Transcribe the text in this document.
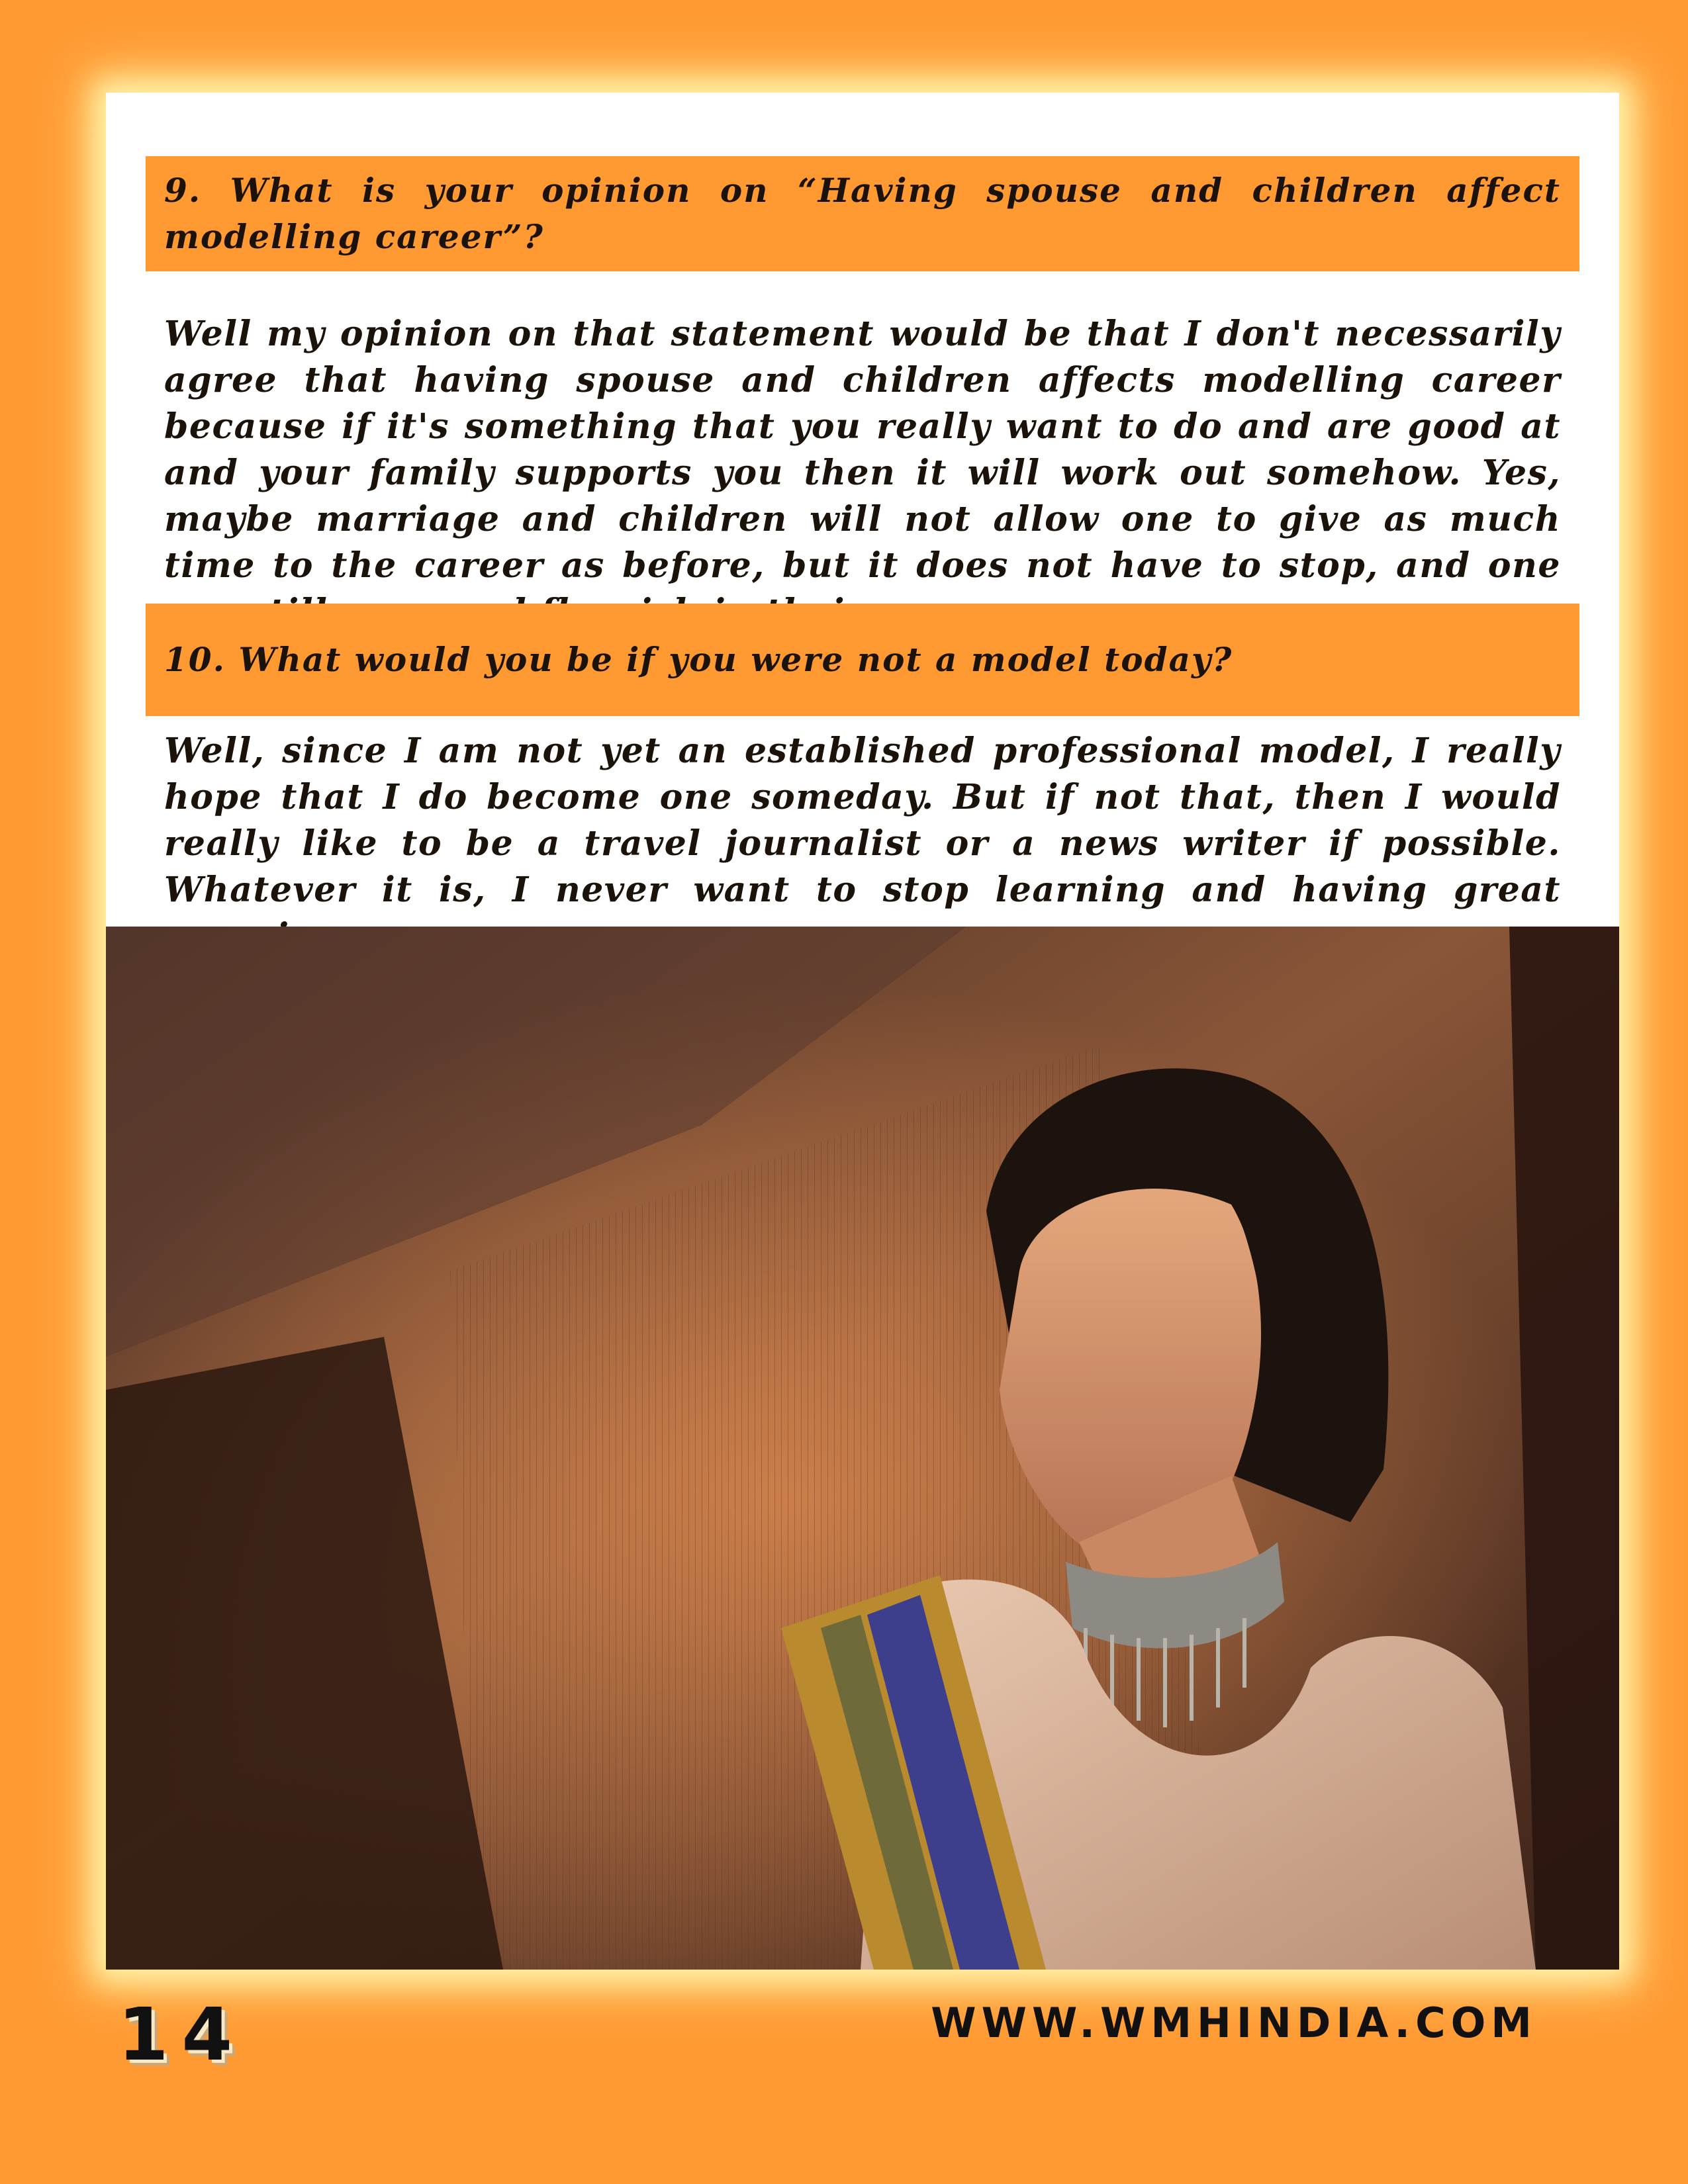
9. What is your opinion on “Having spouse and children affect modelling career”?
Well my opinion on that statement would be that I don't necessarily agree that having spouse and children affects modelling career because if it's something that you really want to do and are good at and your family supports you then it will work out somehow. Yes, maybe marriage and children will not allow one to give as much time to the career as before, but it does not have to stop, and one
10. What would you be if you were not a model today?
Well, since I am not yet an established professional model, I really hope that I do become one someday. But if not that, then I would really like to be a travel journalist or a news writer if possible. Whatever it is, I never want to stop learning and having great
14	WWW.WMHINDIA.COM
